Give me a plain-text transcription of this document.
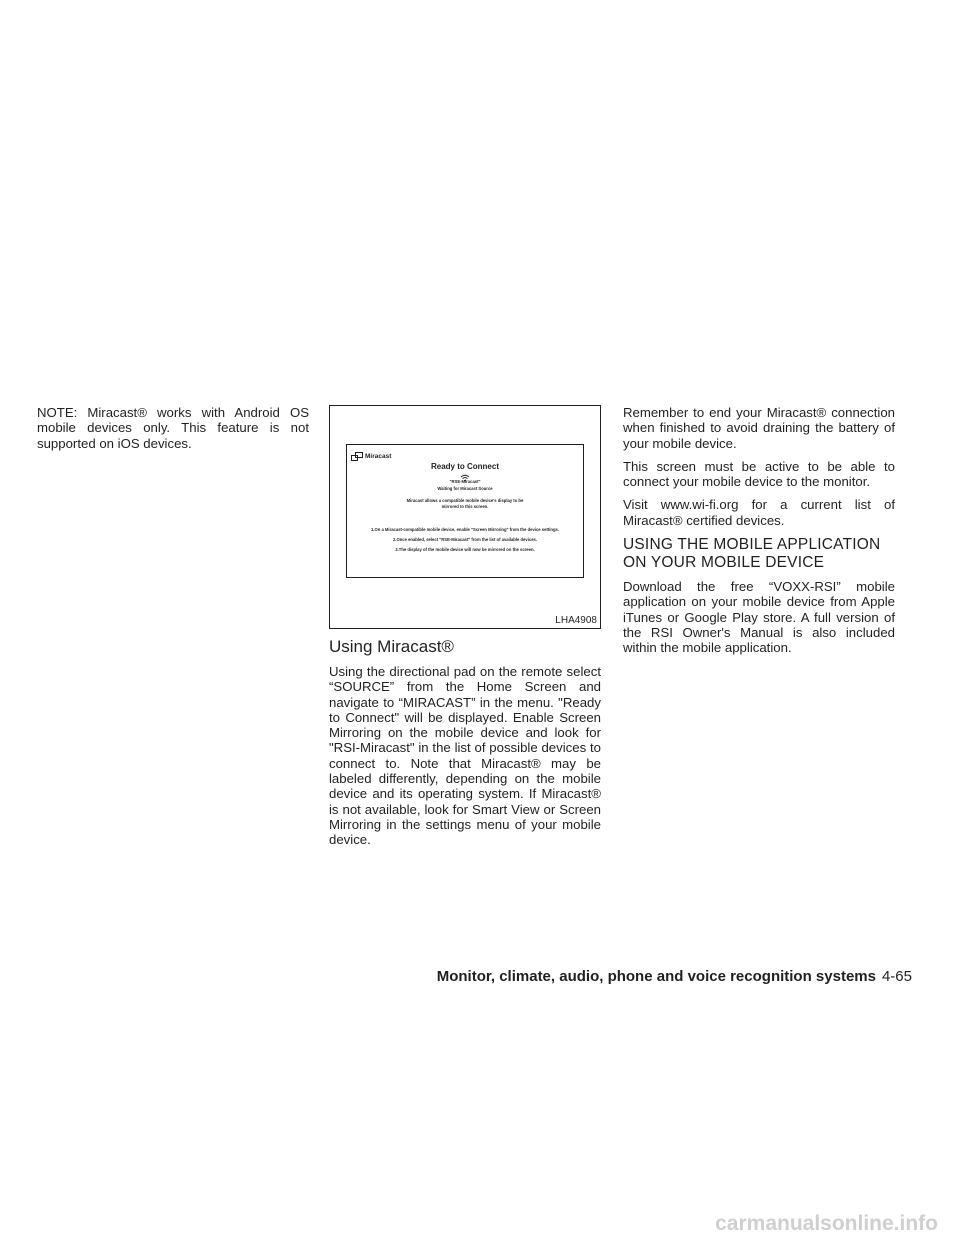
NOTE: Miracast® works with Android OS mobile devices only. This feature is not supported on iOS devices.

Miracast
Ready to Connect
"RSE-Miracast"
Waiting for Miracast Source
Miracast allows a compatible mobile device's display to be
mirrored to this screen.
1.On a Miracast-compatible mobile device, enable "Screen Mirroring" from the device settings.
2.Once enabled, select "RSE-Miracast" from the list of available devices.
3.The display of the mobile device will now be mirrored on the screen.
LHA4908
Using Miracast®

Using the directional pad on the remote select “SOURCE” from the Home Screen and navigate to “MIRACAST” in the menu. "Ready to Connect" will be displayed. Enable Screen Mirroring on the mobile device and look for "RSI-Miracast" in the list of possible devices to connect to. Note that Miracast® may be labeled differently, depending on the mobile device and its operating system. If Miracast® is not available, look for Smart View or Screen Mirroring in the settings menu of your mobile device.

Remember to end your Miracast® connection when finished to avoid draining the battery of your mobile device.

This screen must be active to be able to connect your mobile device to the monitor.

Visit www.wi-fi.org for a current list of Miracast® certified devices.

USING THE MOBILE APPLICATION ON YOUR MOBILE DEVICE

Download the free “VOXX-RSI” mobile application on your mobile device from Apple iTunes or Google Play store. A full version of the RSI Owner's Manual is also included within the mobile application.

Monitor, climate, audio, phone and voice recognition systems 4-65
carmanualsonline.info
